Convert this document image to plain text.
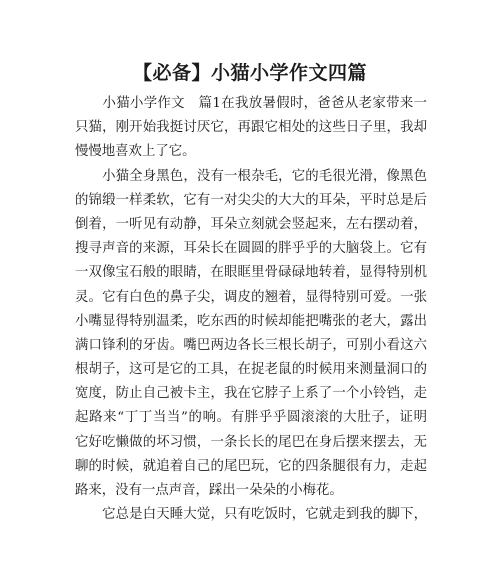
【必备】小猫小学作文四篇
　　小猫小学作文　篇1在我放暑假时，爸爸从老家带来一
只猫，刚开始我挺讨厌它，再跟它相处的这些日子里，我却
慢慢地喜欢上了它。
　　小猫全身黑色，没有一根杂毛，它的毛很光滑，像黑色
的锦缎一样柔软，它有一对尖尖的大大的耳朵，平时总是后
倒着，一听见有动静，耳朵立刻就会竖起来，左右摆动着，
搜寻声音的来源，耳朵长在圆圆的胖乎乎的大脑袋上。它有
一双像宝石般的眼睛，在眼眶里骨碌碌地转着，显得特别机
灵。它有白色的鼻子尖，调皮的翘着，显得特别可爱。一张
小嘴显得特别温柔，吃东西的时候却能把嘴张的老大，露出
满口锋利的牙齿。嘴巴两边各长三根长胡子，可别小看这六
根胡子，这可是它的工具，在捉老鼠的时候用来测量洞口的
宽度，防止自己被卡主，我在它脖子上系了一个小铃铛，走
起路来“丁丁当当”的响。有胖乎乎圆滚滚的大肚子，证明
它好吃懒做的坏习惯，一条长长的尾巴在身后摆来摆去，无
聊的时候，就追着自己的尾巴玩，它的四条腿很有力，走起
路来，没有一点声音，踩出一朵朵的小梅花。
　　它总是白天睡大觉，只有吃饭时，它就走到我的脚下，
